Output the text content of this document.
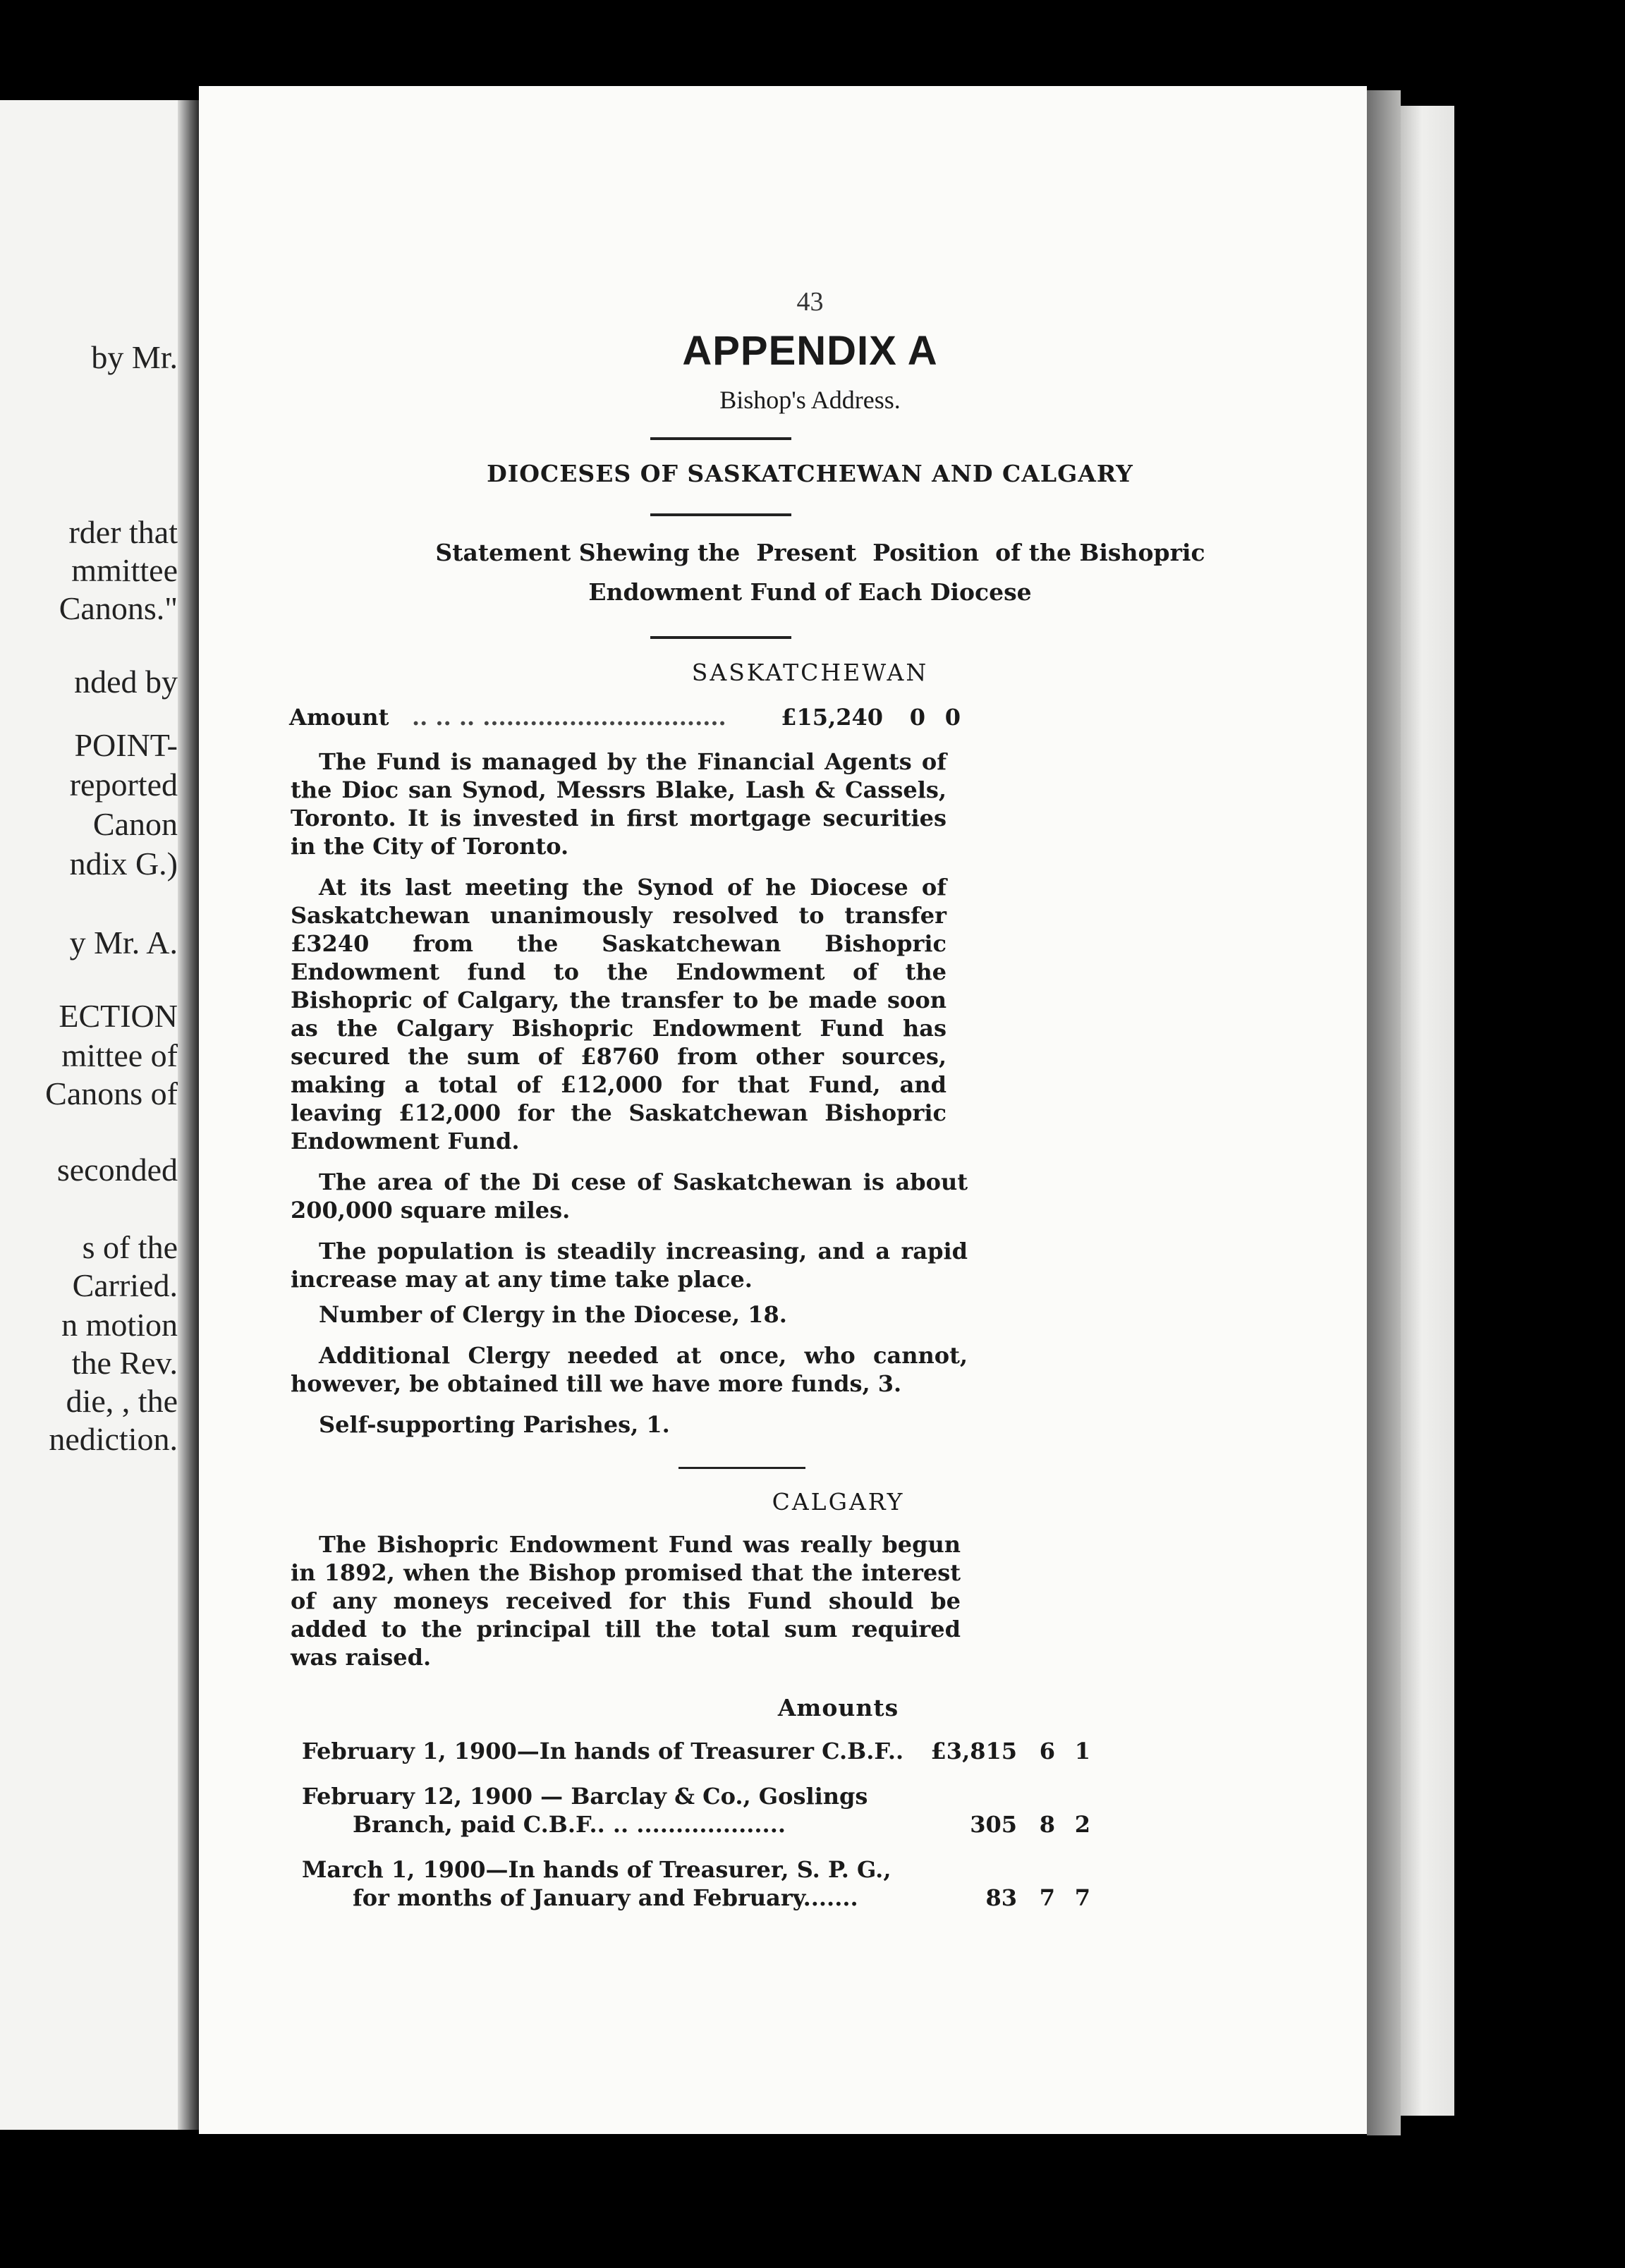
by Mr.
rder that
mmittee
Canons."
nded by
POINT-
reported
Canon
ndix G.)
y Mr. A.
ECTION
mittee of
Canons of
seconded
s of the
Carried.
n motion
the Rev.
die, , the
nediction.
43
APPENDIX A
Bishop's Address.
DIOCESES OF SASKATCHEWAN AND CALGARY
Statement Shewing the  Present  Position  of the Bishopric
Endowment Fund of Each Diocese
SASKATCHEWAN
Amount .. .. .. ...............................	£15,240 0 0

The Fund is managed by the Financial Agents of the Dioc san Synod, Messrs Blake, Lash & Cassels, Toronto. It is invested in first mortgage securities in the City of Toronto.

At its last meeting the Synod of he Diocese of Saskatchewan unanimously resolved to transfer £3240 from the Saskatchewan Bishopric Endowment fund to the Endowment of the Bishopric of Calgary, the transfer to be made soon as the Calgary Bishopric Endowment Fund has secured the sum of £8760 from other sources, making a total of £12,000 for that Fund, and leaving £12,000 for the Saskatchewan Bishopric Endowment Fund.

The area of the Di cese of Saskatchewan is about 200,000 square miles.

The population is steadily increasing, and a rapid increase may at any time take place.

Number of Clergy in the Diocese, 18.

Additional Clergy needed at once, who cannot, however, be obtained till we have more funds, 3.

Self-supporting Parishes, 1.

CALGARY

The Bishopric Endowment Fund was really begun in 1892, when the Bishop promised that the interest of any moneys received for this Fund should be added to the principal till the total sum required was raised.

Amounts
February 1, 1900—In hands of Treasurer C.B.F..	£3,815 6 1
February 12, 1900 — Barclay & Co., Goslings
Branch, paid C.B.F.. .. ...................	305 8 2
March 1, 1900—In hands of Treasurer, S. P. G.,
for months of January and February.......	83 7 7
